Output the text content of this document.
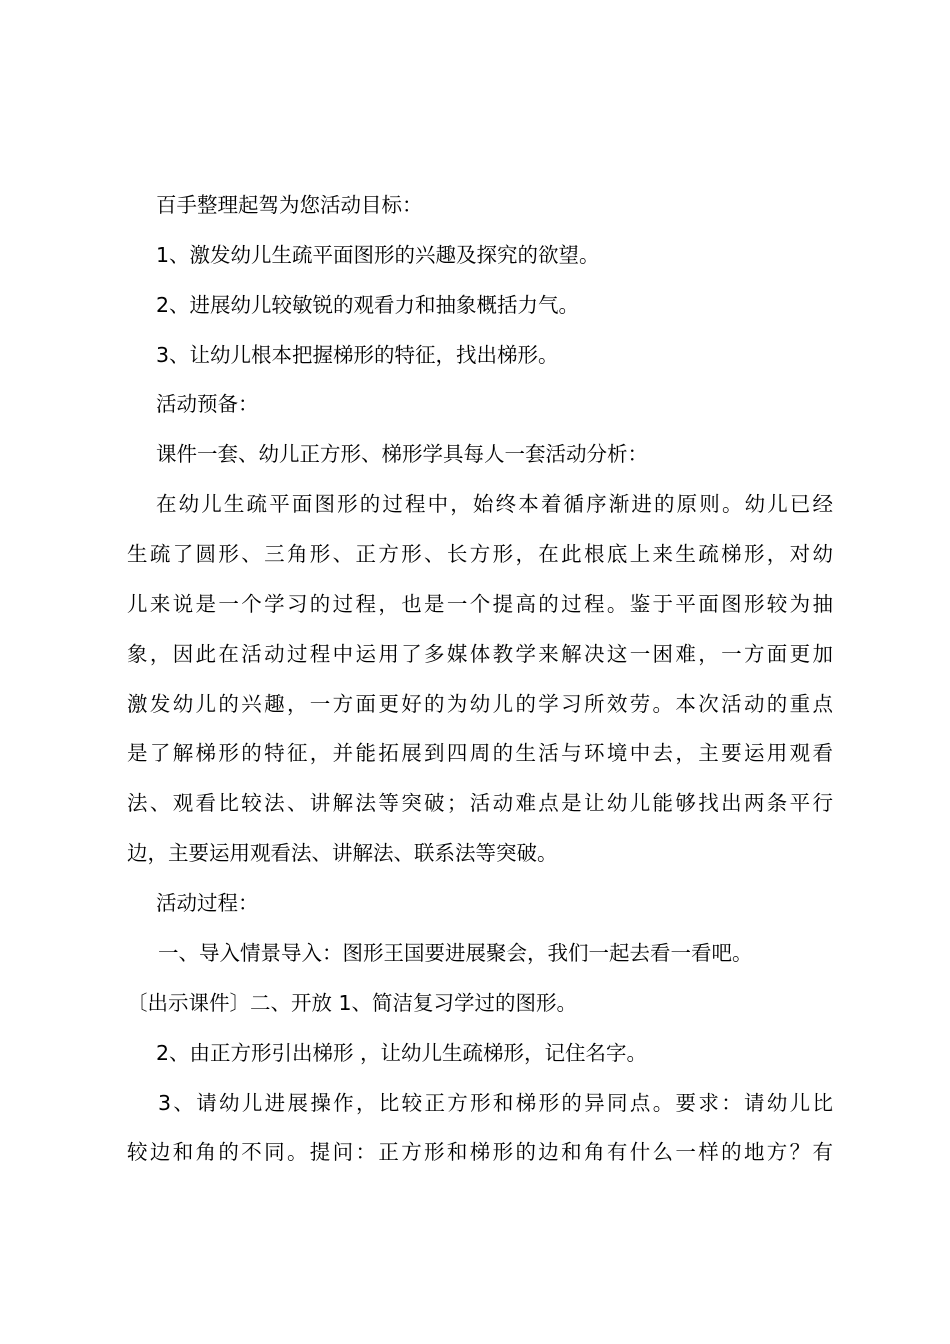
百手整理起驾为您活动目标：
1、激发幼儿生疏平面图形的兴趣及探究的欲望。
2、进展幼儿较敏锐的观看力和抽象概括力气。
3、让幼儿根本把握梯形的特征，找出梯形。
活动预备：
课件一套、幼儿正方形、梯形学具每人一套活动分析：
在幼儿生疏平面图形的过程中，始终本着循序渐进的原则。幼儿已经
生疏了圆形、三角形、正方形、长方形，在此根底上来生疏梯形，对幼
儿来说是一个学习的过程，也是一个提高的过程。鉴于平面图形较为抽
象，因此在活动过程中运用了多媒体教学来解决这一困难，一方面更加
激发幼儿的兴趣，一方面更好的为幼儿的学习所效劳。本次活动的重点
是了解梯形的特征，并能拓展到四周的生活与环境中去，主要运用观看
法、观看比较法、讲解法等突破；活动难点是让幼儿能够找出两条平行
边，主要运用观看法、讲解法、联系法等突破。
活动过程：
一、导入情景导入：图形王国要进展聚会，我们一起去看一看吧。
〔出示课件〕二、开放 1、简洁复习学过的图形。
2、由正方形引出梯形 ，让幼儿生疏梯形，记住名字。
3、请幼儿进展操作，比较正方形和梯形的异同点。要求：请幼儿比
较边和角的不同。提问：正方形和梯形的边和角有什么一样的地方？有
